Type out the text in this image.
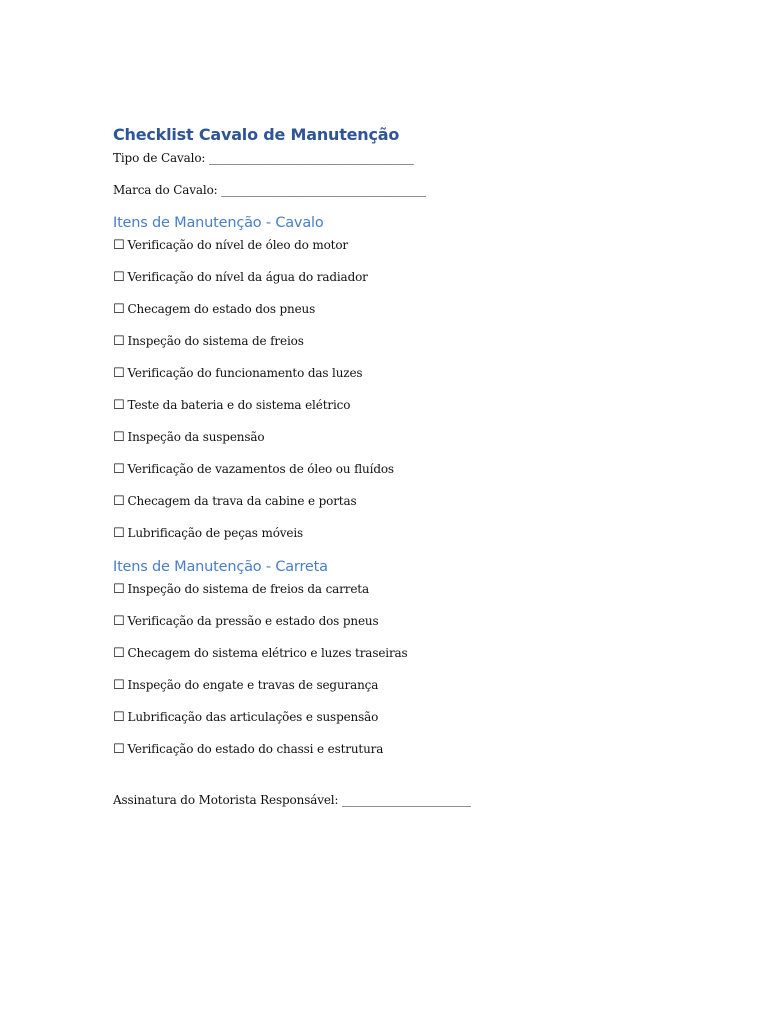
Checklist Cavalo de Manutenção
Tipo de Cavalo: ___________________________________
Marca do Cavalo: ___________________________________
Itens de Manutenção - Cavalo
☐ Verificação do nível de óleo do motor
☐ Verificação do nível da água do radiador
☐ Checagem do estado dos pneus
☐ Inspeção do sistema de freios
☐ Verificação do funcionamento das luzes
☐ Teste da bateria e do sistema elétrico
☐ Inspeção da suspensão
☐ Verificação de vazamentos de óleo ou fluídos
☐ Checagem da trava da cabine e portas
☐ Lubrificação de peças móveis
Itens de Manutenção - Carreta
☐ Inspeção do sistema de freios da carreta
☐ Verificação da pressão e estado dos pneus
☐ Checagem do sistema elétrico e luzes traseiras
☐ Inspeção do engate e travas de segurança
☐ Lubrificação das articulações e suspensão
☐ Verificação do estado do chassi e estrutura
Assinatura do Motorista Responsável: ______________________
